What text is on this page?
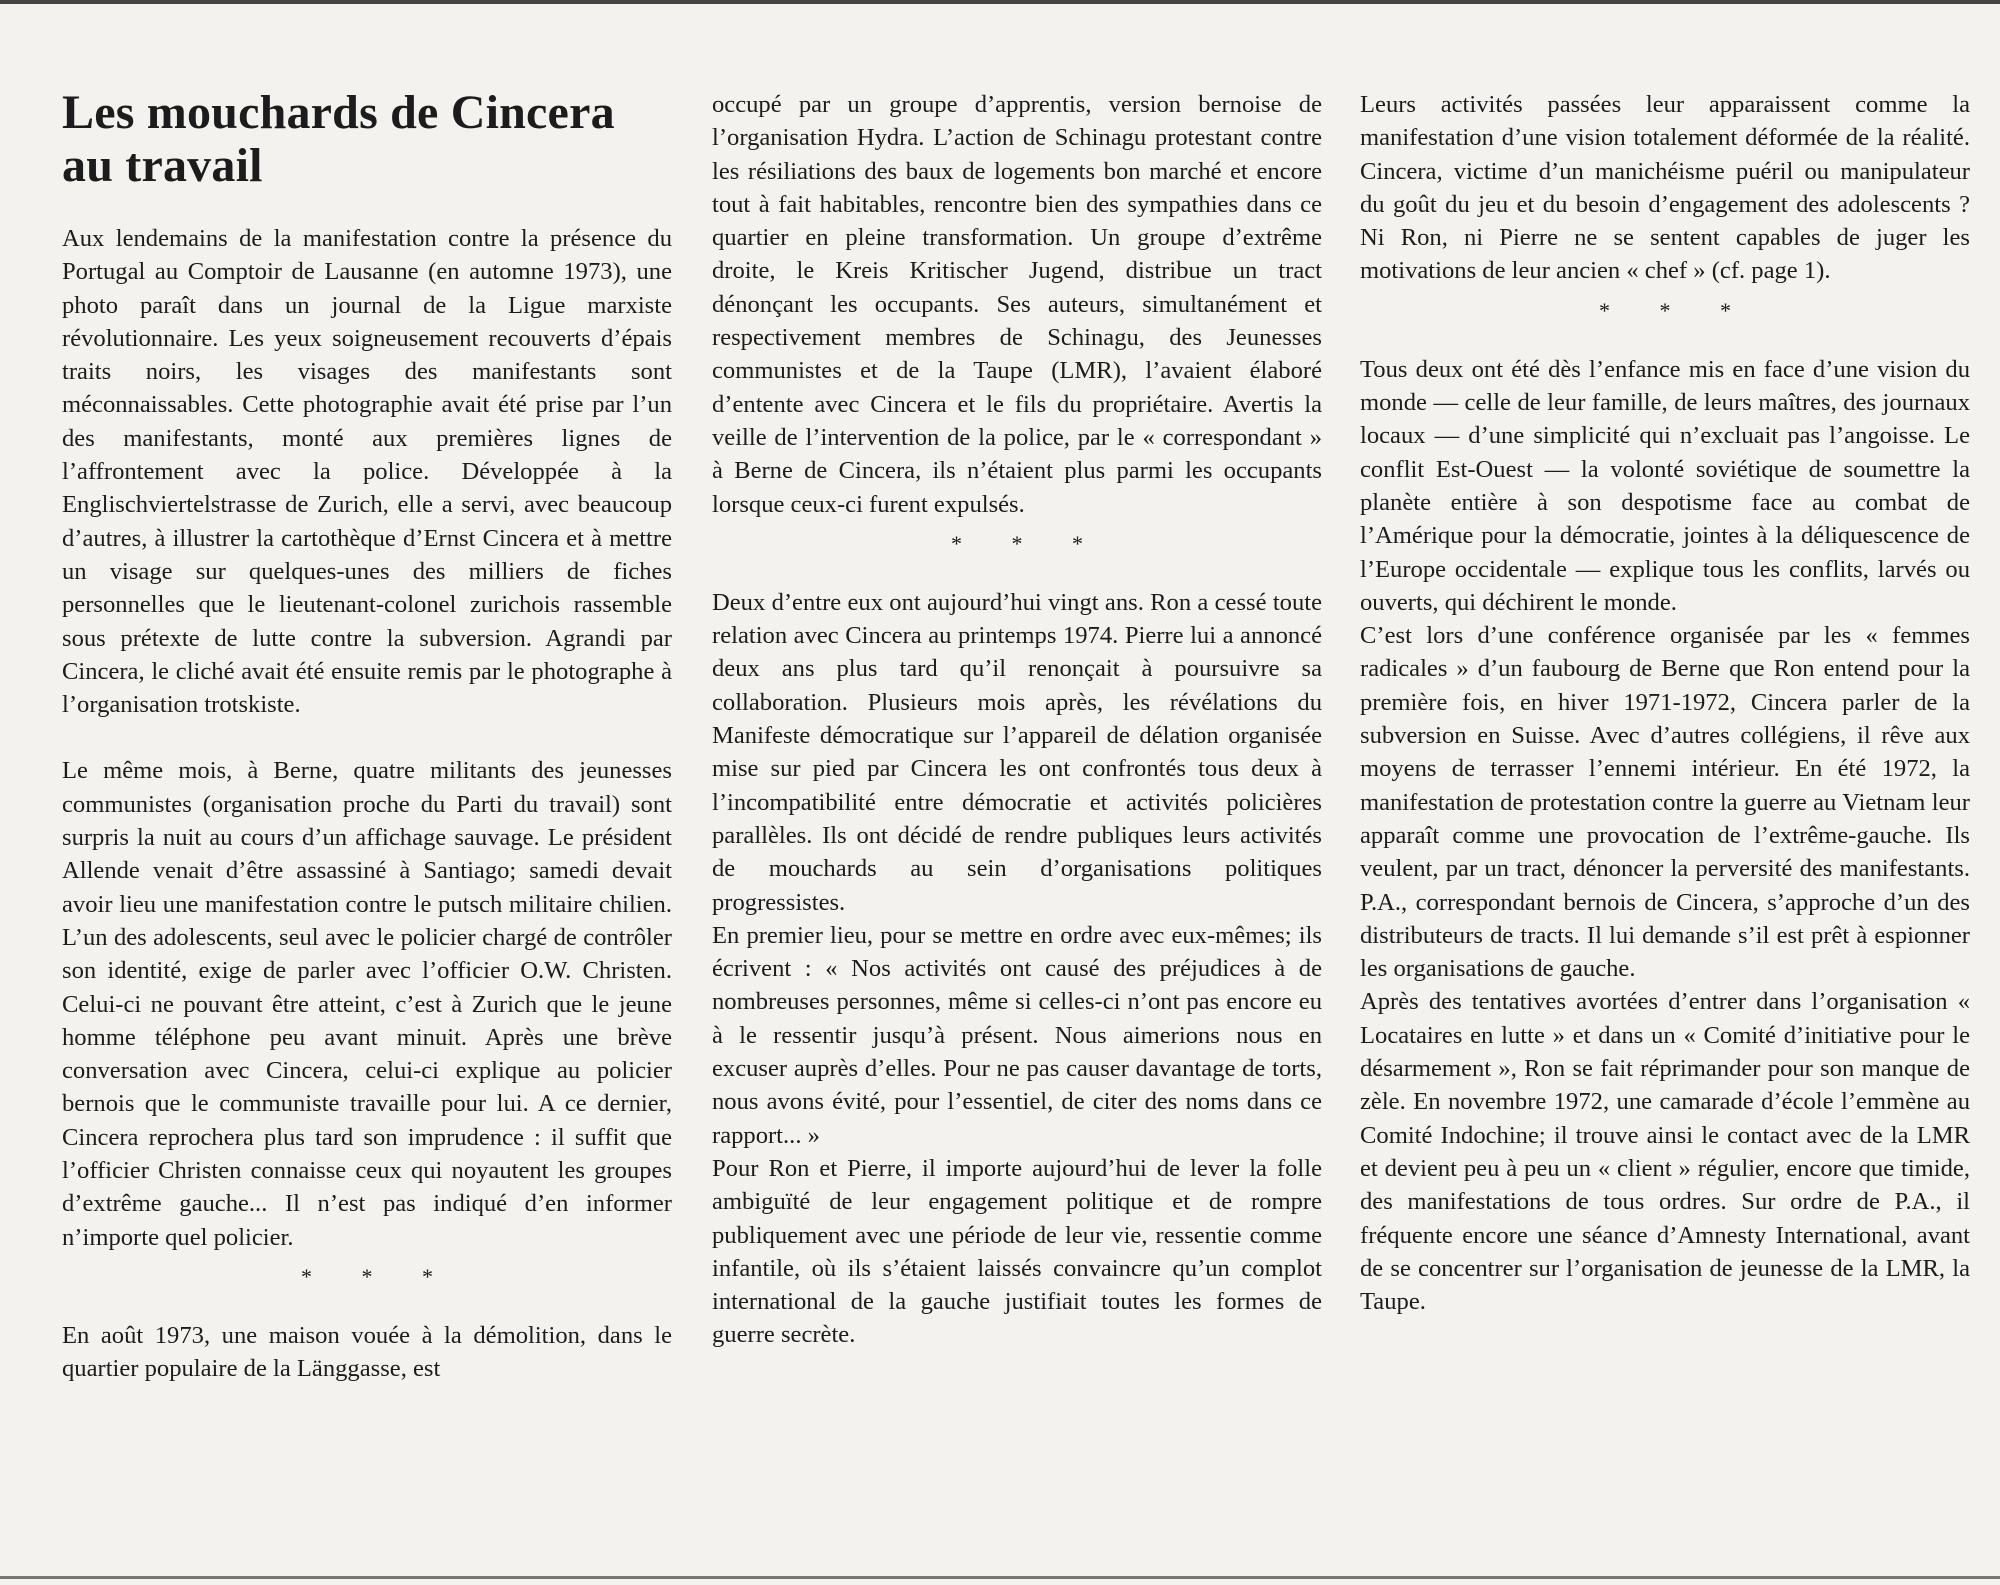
Les mouchards de Cincera au travail

Aux lendemains de la manifestation contre la présence du Portugal au Comptoir de Lausanne (en automne 1973), une photo paraît dans un journal de la Ligue marxiste révolutionnaire. Les yeux soigneusement recouverts d’épais traits noirs, les visages des manifestants sont méconnaissables. Cette photographie avait été prise par l’un des manifestants, monté aux premières lignes de l’affrontement avec la police. Développée à la Englischviertelstrasse de Zurich, elle a servi, avec beaucoup d’autres, à illustrer la cartothèque d’Ernst Cincera et à mettre un visage sur quelques-unes des milliers de fiches personnelles que le lieutenant-colonel zurichois rassemble sous prétexte de lutte contre la subversion. Agrandi par Cincera, le cliché avait été ensuite remis par le photographe à l’organisation trotskiste.

Le même mois, à Berne, quatre militants des jeunesses communistes (organisation proche du Parti du travail) sont surpris la nuit au cours d’un affichage sauvage. Le président Allende venait d’être assassiné à Santiago; samedi devait avoir lieu une manifestation contre le putsch militaire chilien. L’un des adolescents, seul avec le policier chargé de contrôler son identité, exige de parler avec l’officier O.W. Christen. Celui-ci ne pouvant être atteint, c’est à Zurich que le jeune homme téléphone peu avant minuit. Après une brève conversation avec Cincera, celui-ci explique au policier bernois que le communiste travaille pour lui. A ce dernier, Cincera reprochera plus tard son imprudence : il suffit que l’officier Christen connaisse ceux qui noyautent les groupes d’extrême gauche... Il n’est pas indiqué d’en informer n’importe quel policier.

* * *

En août 1973, une maison vouée à la démolition, dans le quartier populaire de la Länggasse, est

occupé par un groupe d’apprentis, version bernoise de l’organisation Hydra. L’action de Schinagu protestant contre les résiliations des baux de logements bon marché et encore tout à fait habitables, rencontre bien des sympathies dans ce quartier en pleine transformation. Un groupe d’extrême droite, le Kreis Kritischer Jugend, distribue un tract dénonçant les occupants. Ses auteurs, simultanément et respectivement membres de Schinagu, des Jeunesses communistes et de la Taupe (LMR), l’avaient élaboré d’entente avec Cincera et le fils du propriétaire. Avertis la veille de l’intervention de la police, par le « correspondant » à Berne de Cincera, ils n’étaient plus parmi les occupants lorsque ceux-ci furent expulsés.

* * *

Deux d’entre eux ont aujourd’hui vingt ans. Ron a cessé toute relation avec Cincera au printemps 1974. Pierre lui a annoncé deux ans plus tard qu’il renonçait à poursuivre sa collaboration. Plusieurs mois après, les révélations du Manifeste démocratique sur l’appareil de délation organisée mise sur pied par Cincera les ont confrontés tous deux à l’incompatibilité entre démocratie et activités policières parallèles. Ils ont décidé de rendre publiques leurs activités de mouchards au sein d’organisations politiques progressistes.

En premier lieu, pour se mettre en ordre avec eux-mêmes; ils écrivent : « Nos activités ont causé des préjudices à de nombreuses personnes, même si celles-ci n’ont pas encore eu à le ressentir jusqu’à présent. Nous aimerions nous en excuser auprès d’elles. Pour ne pas causer davantage de torts, nous avons évité, pour l’essentiel, de citer des noms dans ce rapport... »

Pour Ron et Pierre, il importe aujourd’hui de lever la folle ambiguïté de leur engagement politique et de rompre publiquement avec une période de leur vie, ressentie comme infantile, où ils s’étaient laissés convaincre qu’un complot international de la gauche justifiait toutes les formes de guerre secrète.

Leurs activités passées leur apparaissent comme la manifestation d’une vision totalement déformée de la réalité. Cincera, victime d’un manichéisme puéril ou manipulateur du goût du jeu et du besoin d’engagement des adolescents ? Ni Ron, ni Pierre ne se sentent capables de juger les motivations de leur ancien « chef » (cf. page 1).

* * *

Tous deux ont été dès l’enfance mis en face d’une vision du monde — celle de leur famille, de leurs maîtres, des journaux locaux — d’une simplicité qui n’excluait pas l’angoisse. Le conflit Est-Ouest — la volonté soviétique de soumettre la planète entière à son despotisme face au combat de l’Amérique pour la démocratie, jointes à la déliquescence de l’Europe occidentale — explique tous les conflits, larvés ou ouverts, qui déchirent le monde.

C’est lors d’une conférence organisée par les « femmes radicales » d’un faubourg de Berne que Ron entend pour la première fois, en hiver 1971-1972, Cincera parler de la subversion en Suisse. Avec d’autres collégiens, il rêve aux moyens de terrasser l’ennemi intérieur. En été 1972, la manifestation de protestation contre la guerre au Vietnam leur apparaît comme une provocation de l’extrême-gauche. Ils veulent, par un tract, dénoncer la perversité des manifestants. P.A., correspondant bernois de Cincera, s’approche d’un des distributeurs de tracts. Il lui demande s’il est prêt à espionner les organisations de gauche.

Après des tentatives avortées d’entrer dans l’organisation « Locataires en lutte » et dans un « Comité d’initiative pour le désarmement », Ron se fait réprimander pour son manque de zèle. En novembre 1972, une camarade d’école l’emmène au Comité Indochine; il trouve ainsi le contact avec de la LMR et devient peu à peu un « client » régulier, encore que timide, des manifestations de tous ordres. Sur ordre de P.A., il fréquente encore une séance d’Amnesty International, avant de se concentrer sur l’organisation de jeunesse de la LMR, la Taupe.
